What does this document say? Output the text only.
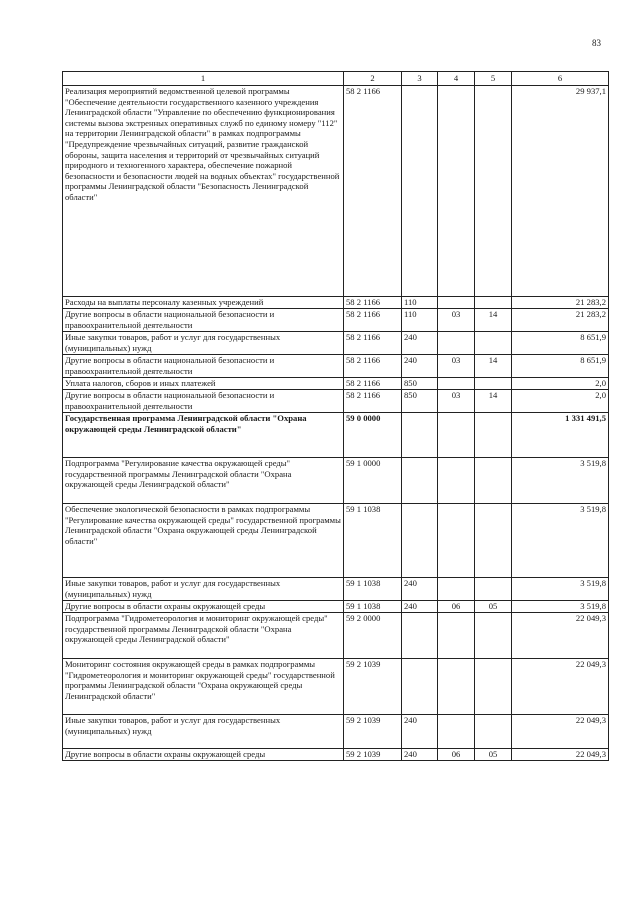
83
1	2	3	4	5	6
Реализация мероприятий ведомственной целевой программы "Обеспечение деятельности государственного казенного учреждения Ленинградской области "Управление по обеспечению функционирования системы вызова экстренных оперативных служб по единому номеру "112" на территории Ленинградской области" в рамках подпрограммы "Предупреждение чрезвычайных ситуаций, развитие гражданской обороны, защита населения и территорий от чрезвычайных ситуаций природного и техногенного характера, обеспечение пожарной безопасности и безопасности людей на водных объектах" государственной программы Ленинградской области "Безопасность Ленинградской области"	58 2 1166				29 937,1
Расходы на выплаты персоналу казенных учреждений	58 2 1166	110			21 283,2
Другие вопросы в области национальной безопасности и правоохранительной деятельности	58 2 1166	110	03	14	21 283,2
Иные закупки товаров, работ и услуг для государственных (муниципальных) нужд	58 2 1166	240			8 651,9
Другие вопросы в области национальной безопасности и правоохранительной деятельности	58 2 1166	240	03	14	8 651,9
Уплата налогов, сборов и иных платежей	58 2 1166	850			2,0
Другие вопросы в области национальной безопасности и правоохранительной деятельности	58 2 1166	850	03	14	2,0
Государственная программа Ленинградской области "Охрана окружающей среды Ленинградской области"	59 0 0000				1 331 491,5
Подпрограмма "Регулирование качества окружающей среды" государственной программы Ленинградской области "Охрана окружающей среды Ленинградской области"	59 1 0000				3 519,8
Обеспечение экологической безопасности в рамках подпрограммы "Регулирование качества окружающей среды" государственной программы Ленинградской области "Охрана окружающей среды Ленинградской области"	59 1 1038				3 519,8
Иные закупки товаров, работ и услуг для государственных (муниципальных) нужд	59 1 1038	240			3 519,8
Другие вопросы в области охраны окружающей среды	59 1 1038	240	06	05	3 519,8
Подпрограмма "Гидрометеорология и мониторинг окружающей среды" государственной программы Ленинградской области "Охрана окружающей среды Ленинградской области"	59 2 0000				22 049,3
Мониторинг состояния окружающей среды в рамках подпрограммы "Гидрометеорология и мониторинг окружающей среды" государственной программы Ленинградской области "Охрана окружающей среды Ленинградской области"	59 2 1039				22 049,3
Иные закупки товаров, работ и услуг для государственных (муниципальных) нужд	59 2 1039	240			22 049,3
Другие вопросы в области охраны окружающей среды	59 2 1039	240	06	05	22 049,3
